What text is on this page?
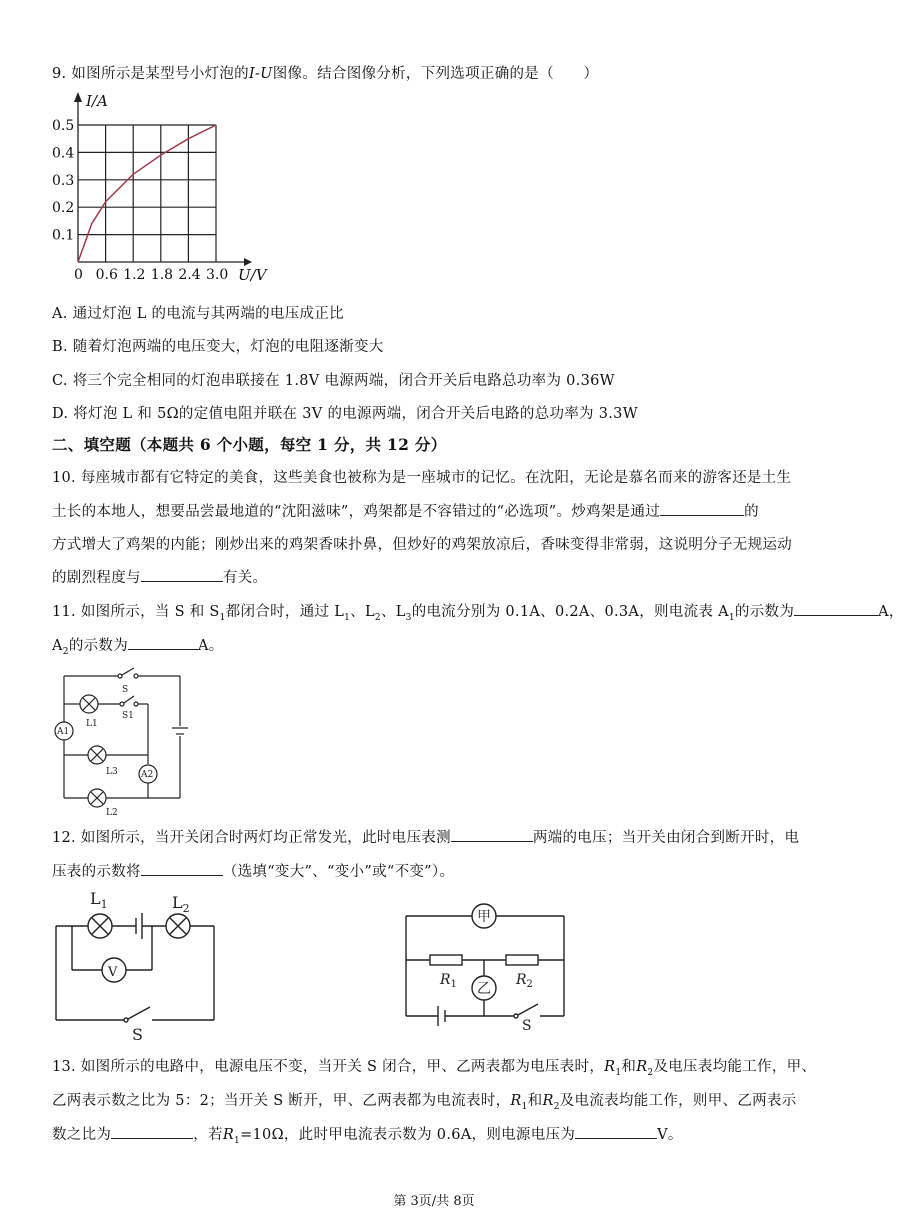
9. 如图所示是某型号小灯泡的I-U图像。结合图像分析，下列选项正确的是（　　）
0 0.6 1.2 1.8 2.4 3.0
0.1
0.2
0.3
0.4
0.5
U/V
I/A
A. 通过灯泡 L 的电流与其两端的电压成正比
B. 随着灯泡两端的电压变大，灯泡的电阻逐渐变大
C. 将三个完全相同的灯泡串联接在 1.8V 电源两端，闭合开关后电路总功率为 0.36W
D. 将灯泡 L 和 5Ω的定值电阻并联在 3V 的电源两端，闭合开关后电路的总功率为 3.3W
二、填空题（本题共 6 个小题，每空 1 分，共 12 分）
10. 每座城市都有它特定的美食，这些美食也被称为是一座城市的记忆。在沈阳，无论是慕名而来的游客还是土生
土长的本地人，想要品尝最地道的“沈阳滋味”，鸡架都是不容错过的“必选项”。炒鸡架是通过	的
方式增大了鸡架的内能；刚炒出来的鸡架香味扑鼻，但炒好的鸡架放凉后，香味变得非常弱，这说明分子无规运动
的剧烈程度与	有关。
11. 如图所示，当 S 和 $S_1$都闭合时，通过 $L_1$、$L_2$、$L_3$的电流分别为 0.1A、0.2A、0.3A，则电流表 $A_1$的示数为	A，
$A_2$的示数为	A。
S
S1
A1
A2
L1
L3
L2
12. 如图所示，当开关闭合时两灯均正常发光，此时电压表测	两端的电压；当开关由闭合到断开时，电
压表的示数将	（选填“变大”、“变小”或“不变”）。
$L_1$	$L_2$
V
S
甲
乙
$R_1$	$R_2$
S
13. 如图所示的电路中，电源电压不变，当开关 S 闭合，甲、乙两表都为电压表时，$R_1$和$R_2$及电压表均能工作，甲、
乙两表示数之比为 5：2；当开关 S 断开，甲、乙两表都为电流表时，$R_1$和$R_2$及电流表均能工作，则甲、乙两表示
数之比为	，若$R_1=10\Omega$，此时甲电流表示数为 0.6A，则电源电压为	V。
第 3页/共 8页
